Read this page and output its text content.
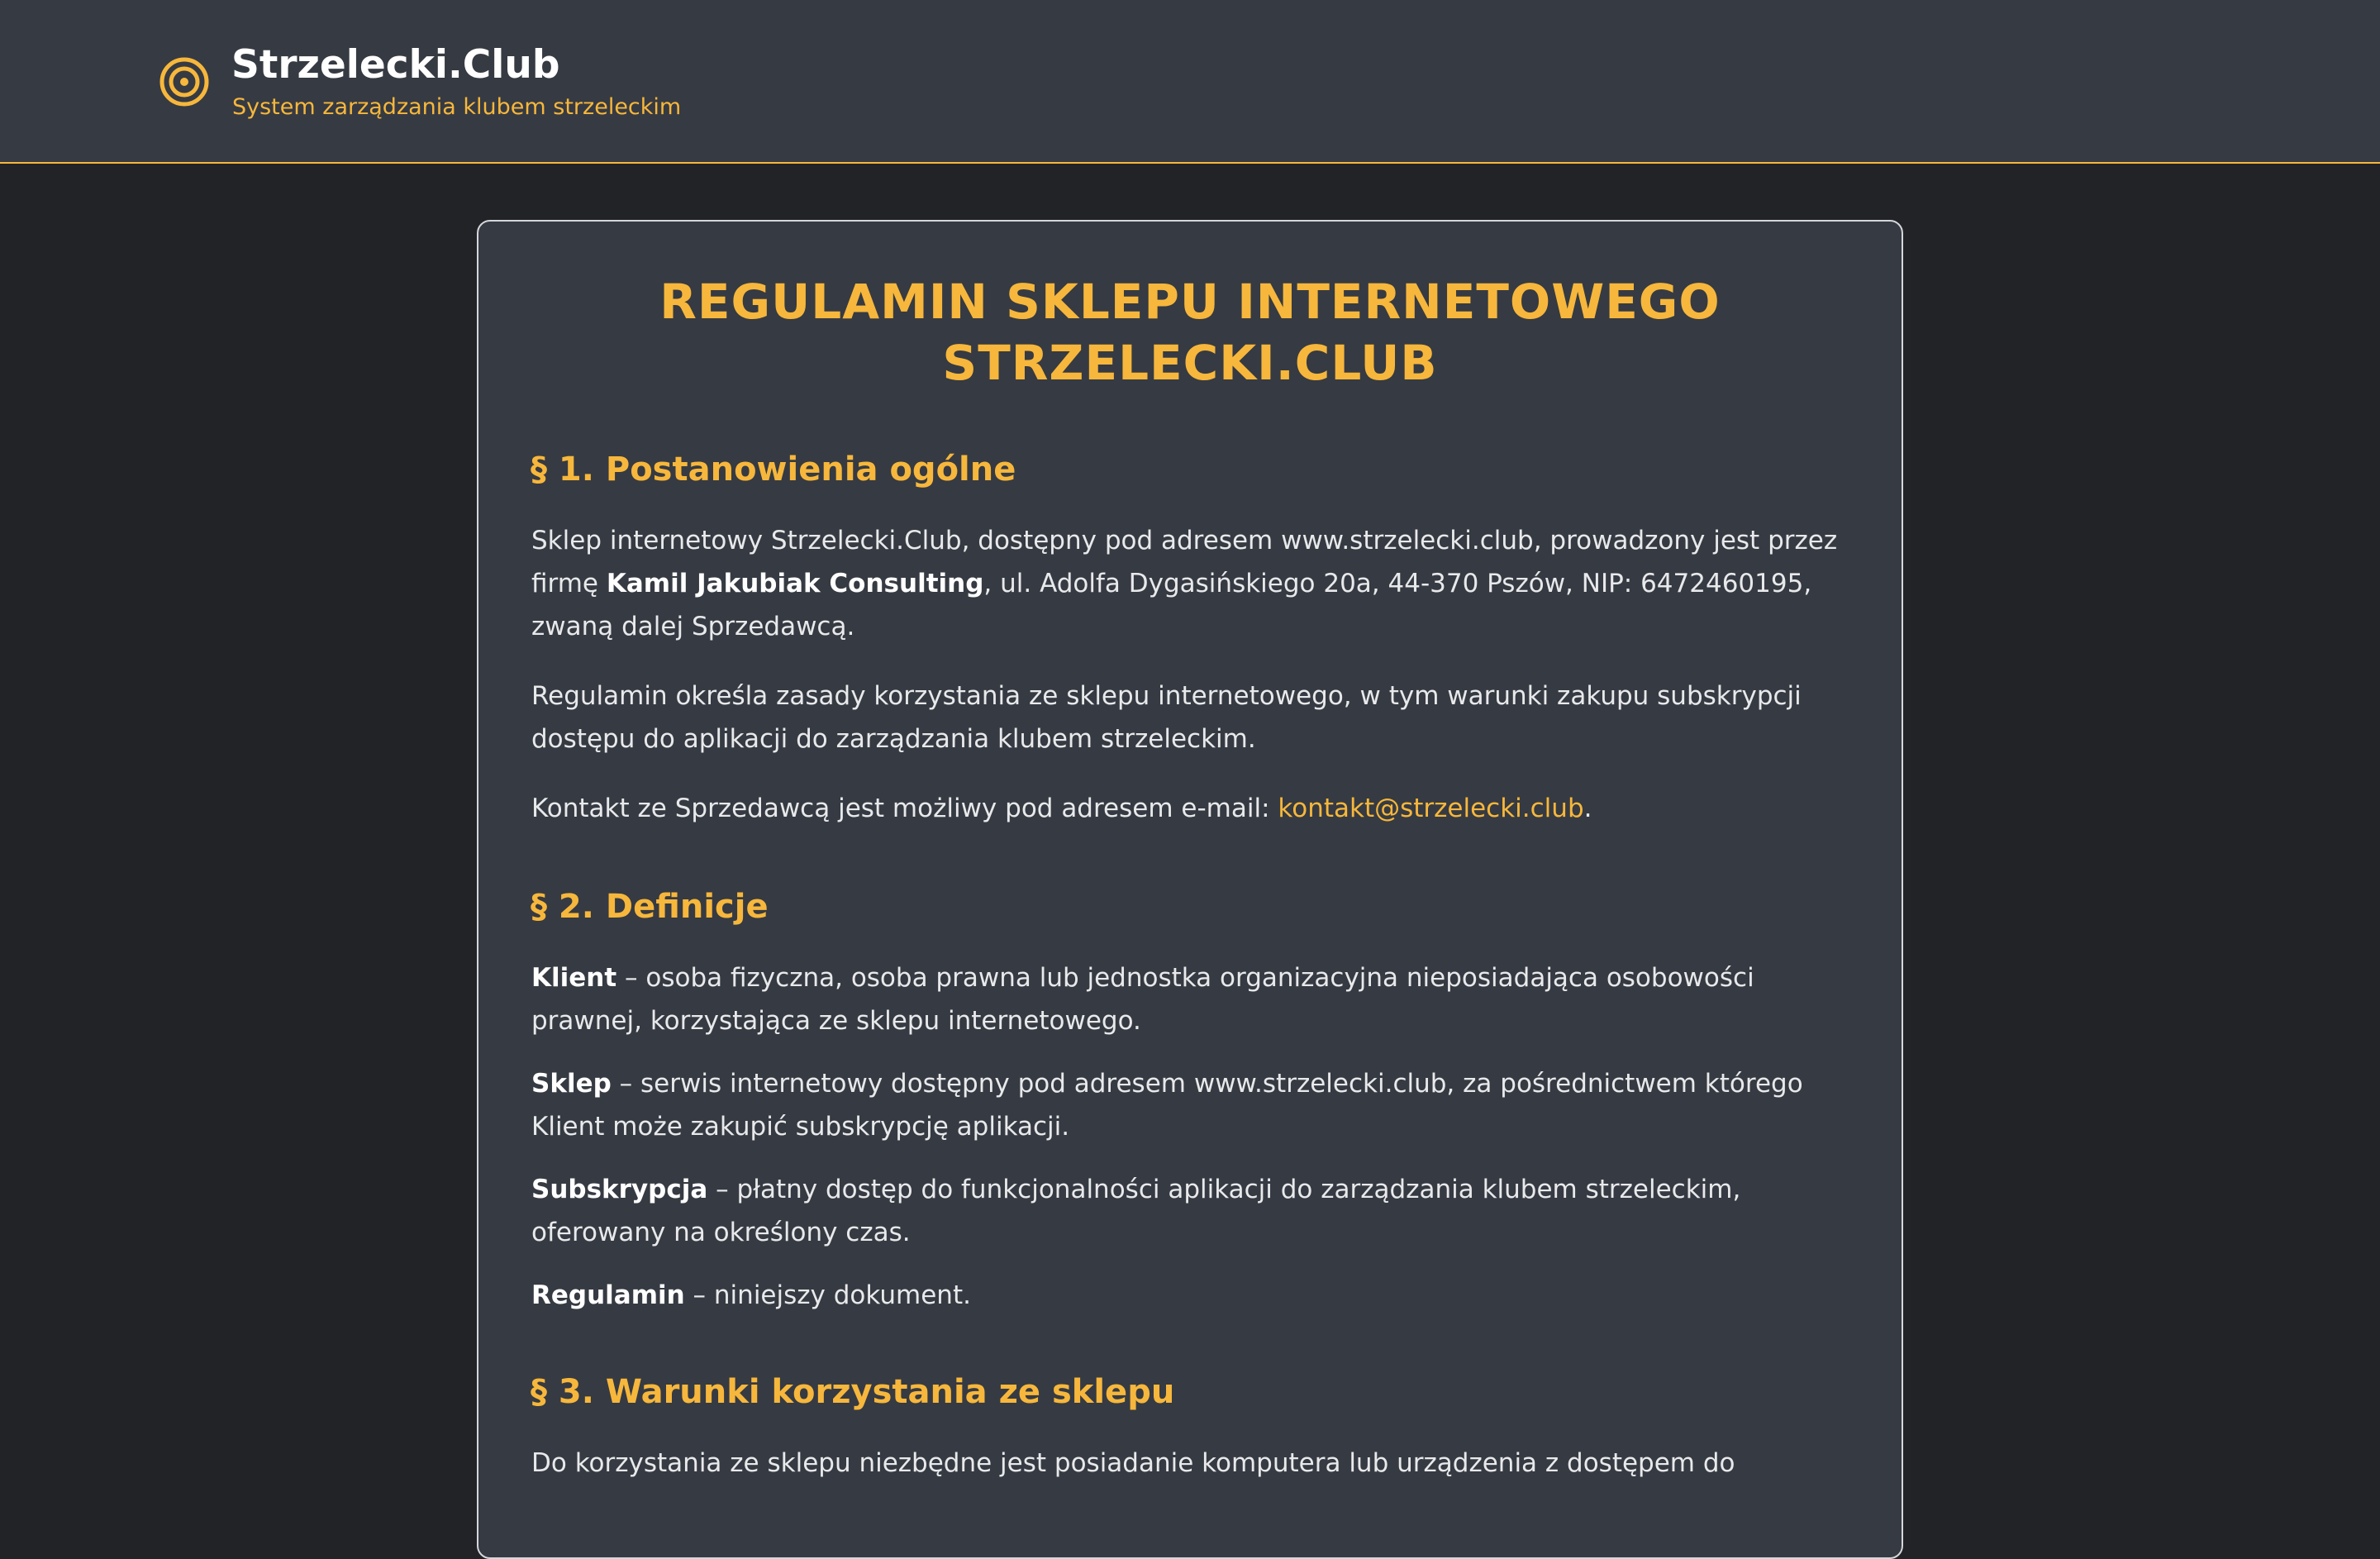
Strzelecki.Club
System zarządzania klubem strzeleckim
REGULAMIN SKLEPU INTERNETOWEGO
STRZELECKI.CLUB
§ 1. Postanowienia ogólne
Sklep internetowy Strzelecki.Club, dostępny pod adresem www.strzelecki.club, prowadzony jest przez firmę Kamil Jakubiak Consulting, ul. Adolfa Dygasińskiego 20a, 44-370 Pszów, NIP: 6472460195, zwaną dalej Sprzedawcą.
Regulamin określa zasady korzystania ze sklepu internetowego, w tym warunki zakupu subskrypcji dostępu do aplikacji do zarządzania klubem strzeleckim.
Kontakt ze Sprzedawcą jest możliwy pod adresem e-mail: kontakt@strzelecki.club.
§ 2. Definicje
Klient – osoba fizyczna, osoba prawna lub jednostka organizacyjna nieposiadająca osobowości prawnej, korzystająca ze sklepu internetowego.
Sklep – serwis internetowy dostępny pod adresem www.strzelecki.club, za pośrednictwem którego Klient może zakupić subskrypcję aplikacji.
Subskrypcja – płatny dostęp do funkcjonalności aplikacji do zarządzania klubem strzeleckim, oferowany na określony czas.
Regulamin – niniejszy dokument.
§ 3. Warunki korzystania ze sklepu
Do korzystania ze sklepu niezbędne jest posiadanie komputera lub urządzenia z dostępem do
